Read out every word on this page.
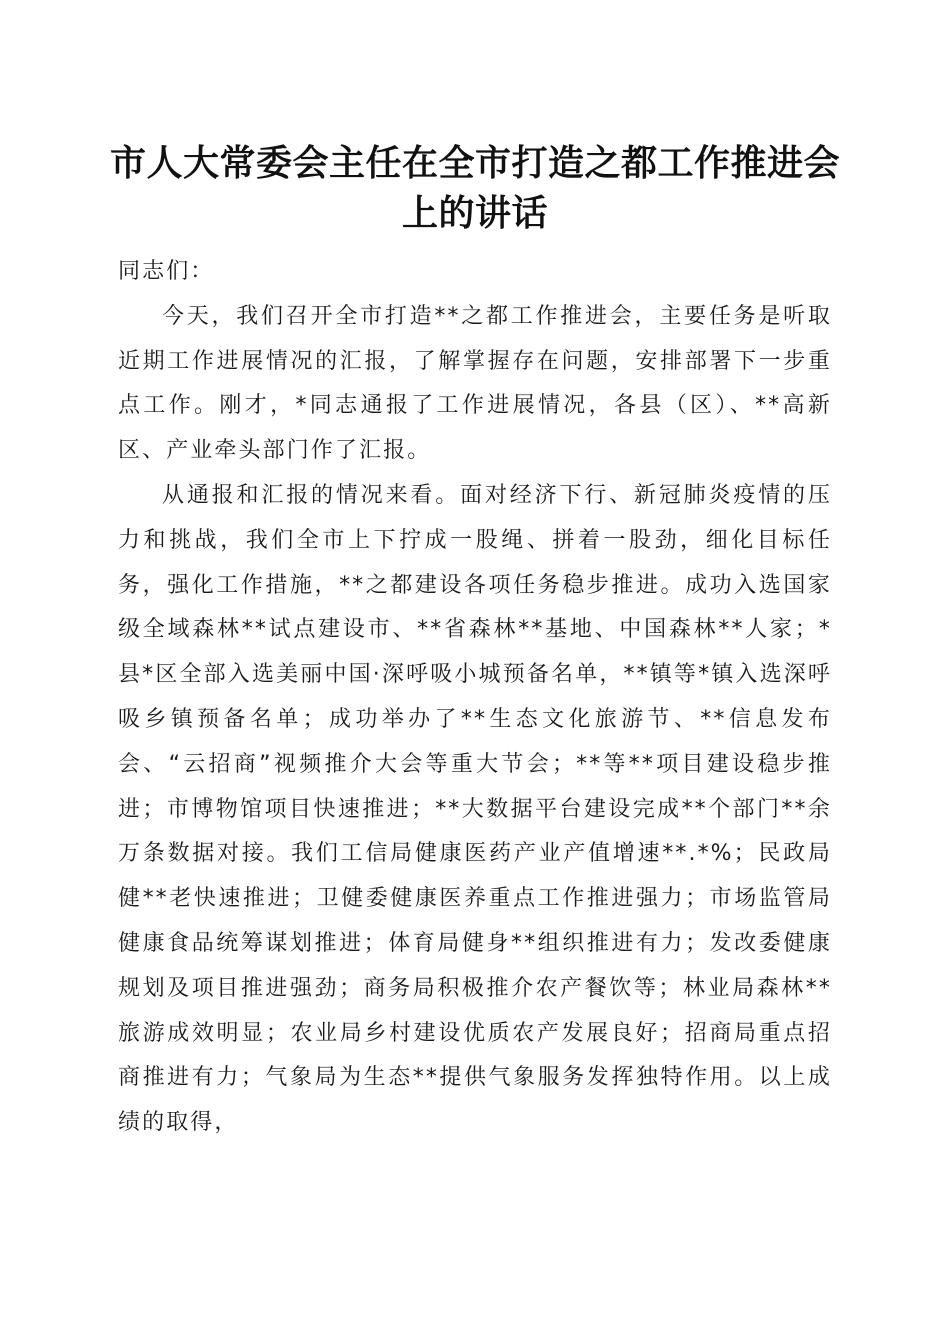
市人大常委会主任在全市打造之都工作推进会上的讲话

同志们：

今天，我们召开全市打造**之都工作推进会，主要任务是听取近期工作进展情况的汇报，了解掌握存在问题，安排部署下一步重点工作。刚才，*同志通报了工作进展情况，各县（区）、**高新区、产业牵头部门作了汇报。

从通报和汇报的情况来看。面对经济下行、新冠肺炎疫情的压力和挑战，我们全市上下拧成一股绳、拼着一股劲，细化目标任务，强化工作措施，**之都建设各项任务稳步推进。成功入选国家级全域森林**试点建设市、**省森林**基地、中国森林**人家；*县*区全部入选美丽中国·深呼吸小城预备名单，**镇等*镇入选深呼吸乡镇预备名单；成功举办了**生态文化旅游节、**信息发布会、“云招商”视频推介大会等重大节会；**等**项目建设稳步推进；市博物馆项目快速推进；**大数据平台建设完成**个部门**余万条数据对接。我们工信局健康医药产业产值增速**.*%；民政局健**老快速推进；卫健委健康医养重点工作推进强力；市场监管局健康食品统筹谋划推进；体育局健身**组织推进有力；发改委健康规划及项目推进强劲；商务局积极推介农产餐饮等；林业局森林**旅游成效明显；农业局乡村建设优质农产发展良好；招商局重点招商推进有力；气象局为生态**提供气象服务发挥独特作用。以上成绩的取得，
